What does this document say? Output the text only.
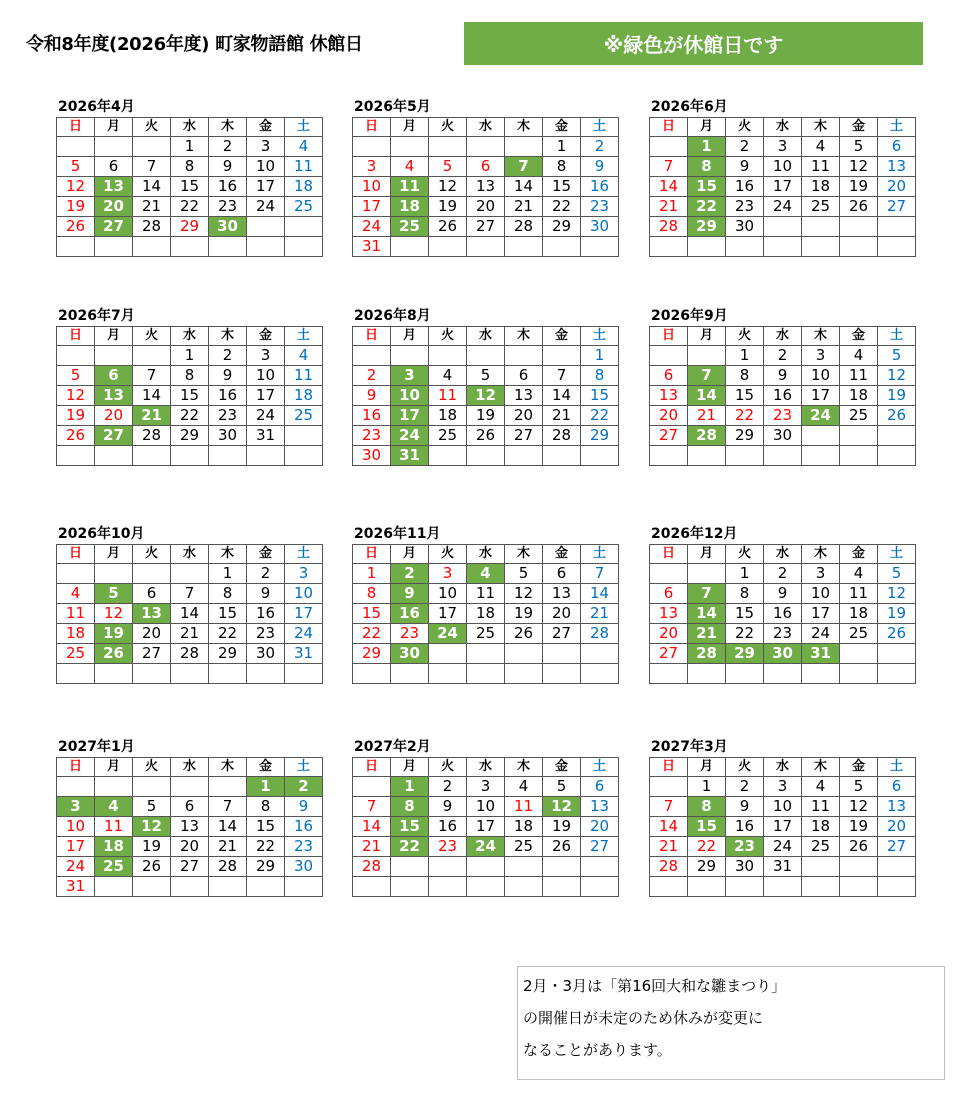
令和8年度(2026年度) 町家物語館 休館日	※緑色が休館日です
2026年4月
日	月	火	水	木	金	土
			1	2	3	4
5	6	7	8	9	10	11
12	13	14	15	16	17	18
19	20	21	22	23	24	25
26	27	28	29	30		

2026年5月
日	月	火	水	木	金	土
					1	2
3	4	5	6	7	8	9
10	11	12	13	14	15	16
17	18	19	20	21	22	23
24	25	26	27	28	29	30
31						
2026年6月
日	月	火	水	木	金	土
	1	2	3	4	5	6
7	8	9	10	11	12	13
14	15	16	17	18	19	20
21	22	23	24	25	26	27
28	29	30				

2026年7月
日	月	火	水	木	金	土
			1	2	3	4
5	6	7	8	9	10	11
12	13	14	15	16	17	18
19	20	21	22	23	24	25
26	27	28	29	30	31	

2026年8月
日	月	火	水	木	金	土
						1
2	3	4	5	6	7	8
9	10	11	12	13	14	15
16	17	18	19	20	21	22
23	24	25	26	27	28	29
30	31					
2026年9月
日	月	火	水	木	金	土
		1	2	3	4	5
6	7	8	9	10	11	12
13	14	15	16	17	18	19
20	21	22	23	24	25	26
27	28	29	30			

2026年10月
日	月	火	水	木	金	土
				1	2	3
4	5	6	7	8	9	10
11	12	13	14	15	16	17
18	19	20	21	22	23	24
25	26	27	28	29	30	31

2026年11月
日	月	火	水	木	金	土
1	2	3	4	5	6	7
8	9	10	11	12	13	14
15	16	17	18	19	20	21
22	23	24	25	26	27	28
29	30					

2026年12月
日	月	火	水	木	金	土
		1	2	3	4	5
6	7	8	9	10	11	12
13	14	15	16	17	18	19
20	21	22	23	24	25	26
27	28	29	30	31		

2027年1月
日	月	火	水	木	金	土
					1	2
3	4	5	6	7	8	9
10	11	12	13	14	15	16
17	18	19	20	21	22	23
24	25	26	27	28	29	30
31						
2027年2月
日	月	火	水	木	金	土
	1	2	3	4	5	6
7	8	9	10	11	12	13
14	15	16	17	18	19	20
21	22	23	24	25	26	27
28						

2027年3月
日	月	火	水	木	金	土
	1	2	3	4	5	6
7	8	9	10	11	12	13
14	15	16	17	18	19	20
21	22	23	24	25	26	27
28	29	30	31			

2月・3月は「第16回大和な雛まつり」
の開催日が未定のため休みが変更に
なることがあります。
